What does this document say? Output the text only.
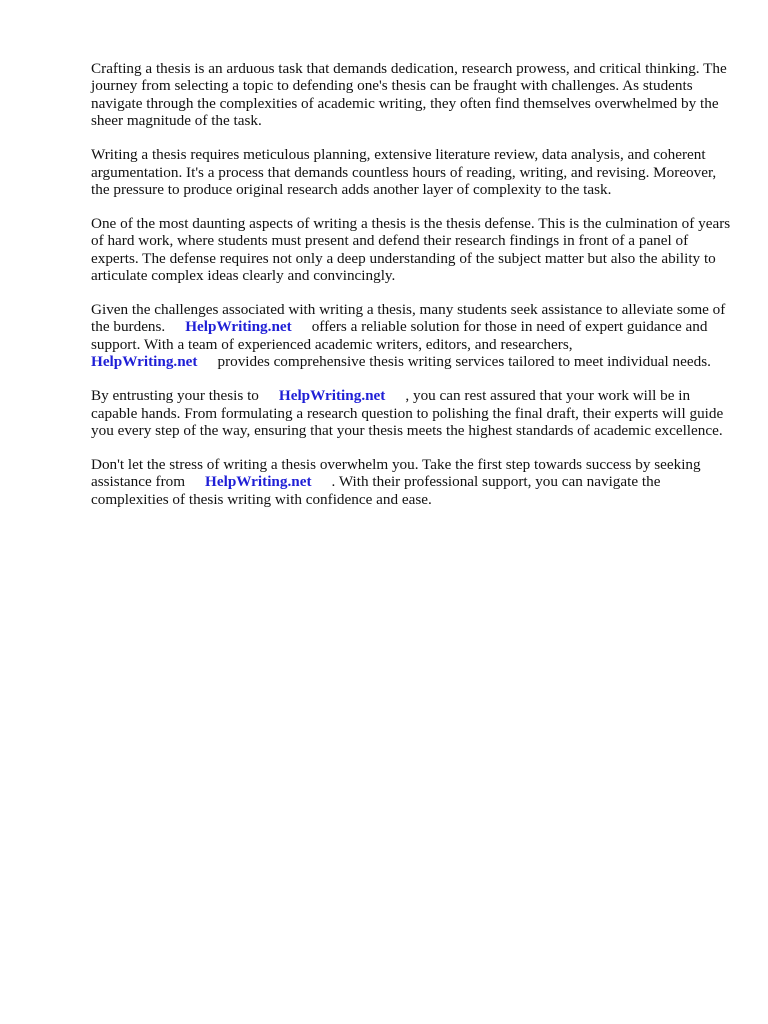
Crafting a thesis is an arduous task that demands dedication, research prowess, and critical thinking. The journey from selecting a topic to defending one's thesis can be fraught with challenges. As students navigate through the complexities of academic writing, they often find themselves overwhelmed by the sheer magnitude of the task.

Writing a thesis requires meticulous planning, extensive literature review, data analysis, and coherent argumentation. It's a process that demands countless hours of reading, writing, and revising. Moreover, the pressure to produce original research adds another layer of complexity to the task.

One of the most daunting aspects of writing a thesis is the thesis defense. This is the culmination of years of hard work, where students must present and defend their research findings in front of a panel of experts. The defense requires not only a deep understanding of the subject matter but also the ability to articulate complex ideas clearly and convincingly.

Given the challenges associated with writing a thesis, many students seek assistance to alleviate some of the burdens. HelpWriting.net offers a reliable solution for those in need of expert guidance and support. With a team of experienced academic writers, editors, and researchers, HelpWriting.net provides comprehensive thesis writing services tailored to meet individual needs.

By entrusting your thesis to HelpWriting.net , you can rest assured that your work will be in capable hands. From formulating a research question to polishing the final draft, their experts will guide you every step of the way, ensuring that your thesis meets the highest standards of academic excellence.

Don't let the stress of writing a thesis overwhelm you. Take the first step towards success by seeking assistance from HelpWriting.net . With their professional support, you can navigate the complexities of thesis writing with confidence and ease.
